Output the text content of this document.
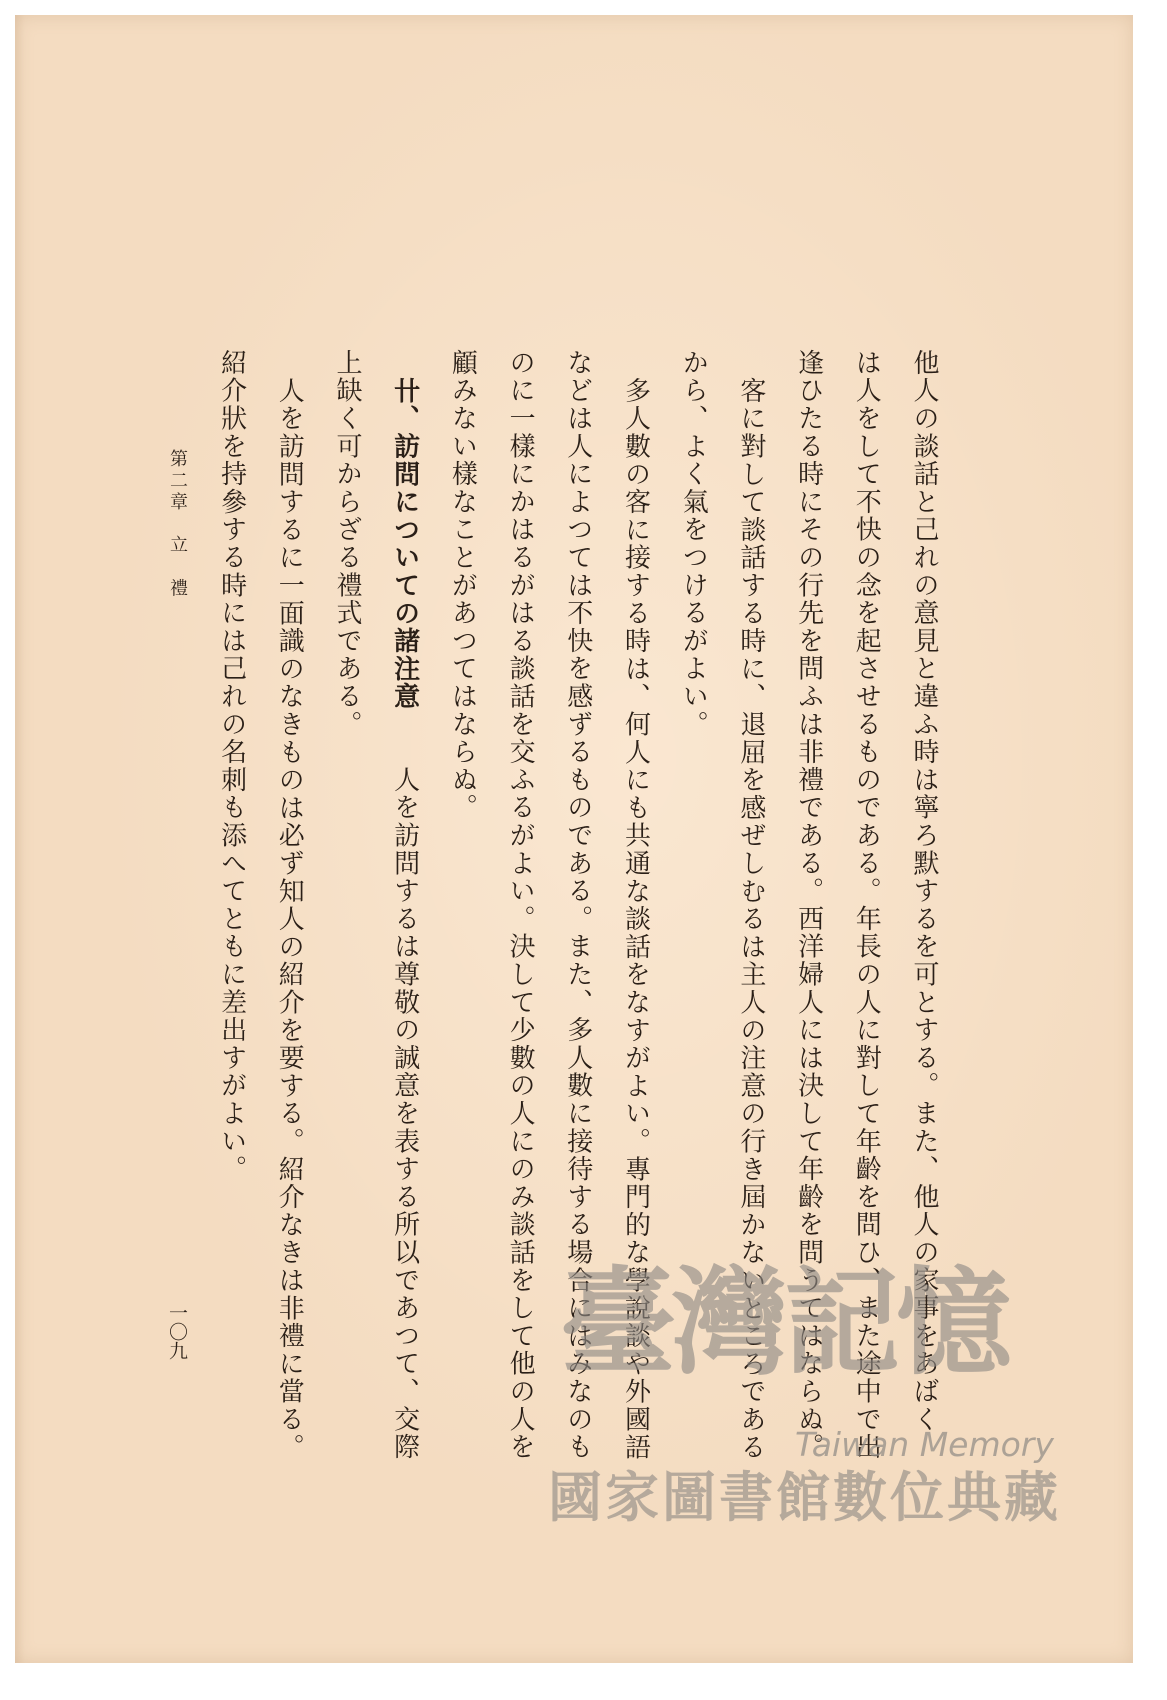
他人の談話と己れの意見と違ふ時は寧ろ默するを可とする。また、他人の家事をあばく
は人をして不快の念を起させるものである。年長の人に對して年齡を問ひ、また途中で出
逢ひたる時にその行先を問ふは非禮である。西洋婦人には決して年齡を問うてはならぬ。
客に對して談話する時に、退屈を感ぜしむるは主人の注意の行き屆かないところである
から、よく氣をつけるがよい。
多人數の客に接する時は、何人にも共通な談話をなすがよい。專門的な學說談や外國語
などは人によつては不快を感ずるものである。また、多人數に接待する場合にはみなのも
のに一樣にかはるがはる談話を交ふるがよい。決して少數の人にのみ談話をして他の人を
顧みない樣なことがあつてはならぬ。
卄、訪問についての諸注意人を訪問するは尊敬の誠意を表する所以であつて、交際
上缺く可からざる禮式である。
人を訪問するに一面識のなきものは必ず知人の紹介を要する。紹介なきは非禮に當る。
紹介狀を持參する時には己れの名刺も添へてともに差出すがよい。
第二章　立　禮
一〇九	臺灣記憶
Taiwan Memory
國家圖書館數位典藏
